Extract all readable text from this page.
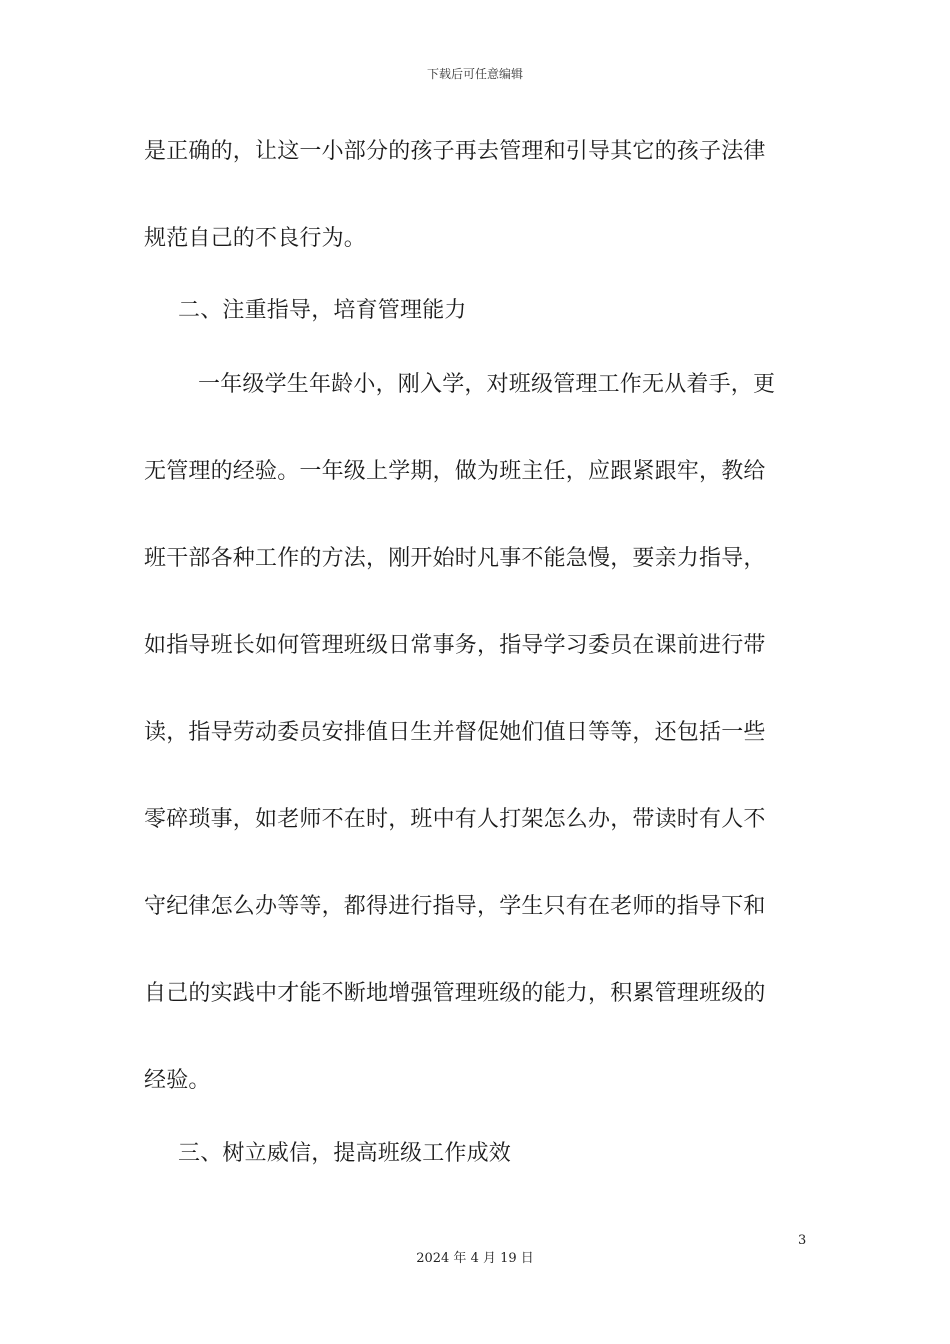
下载后可任意编辑
是正确的，让这一小部分的孩子再去管理和引导其它的孩子法律
规范自己的不良行为。
二、注重指导，培育管理能力
一年级学生年龄小，刚入学，对班级管理工作无从着手，更
无管理的经验。一年级上学期，做为班主任，应跟紧跟牢，教给
班干部各种工作的方法，刚开始时凡事不能急慢，要亲力指导，
如指导班长如何管理班级日常事务，指导学习委员在课前进行带
读，指导劳动委员安排值日生并督促她们值日等等，还包括一些
零碎琐事，如老师不在时，班中有人打架怎么办，带读时有人不
守纪律怎么办等等，都得进行指导，学生只有在老师的指导下和
自己的实践中才能不断地增强管理班级的能力，积累管理班级的
经验。
三、树立威信，提高班级工作成效
3
2024 年 4 月 19 日
